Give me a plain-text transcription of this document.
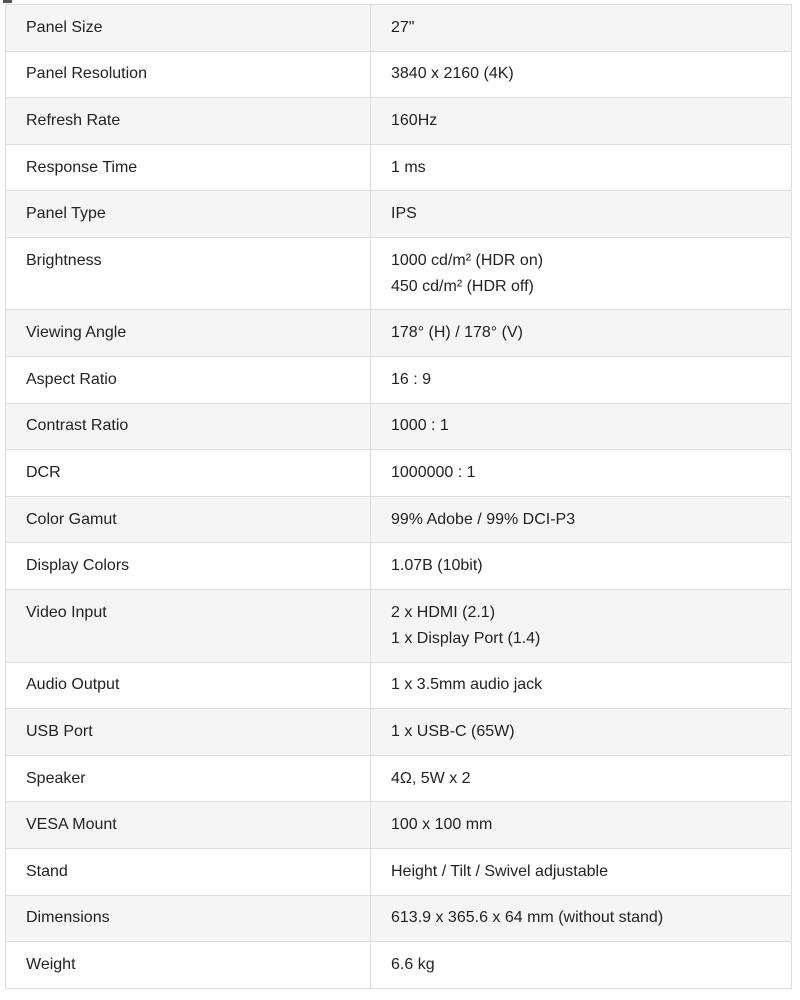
Panel Size	27"

Panel Resolution	3840 x 2160 (4K)

Refresh Rate	160Hz

Response Time	1 ms

Panel Type	IPS

Brightness	1000 cd/m² (HDR on)
450 cd/m² (HDR off)

Viewing Angle	178° (H) / 178° (V)

Aspect Ratio	16 : 9

Contrast Ratio	1000 : 1

DCR	1000000 : 1

Color Gamut	99% Adobe / 99% DCI-P3

Display Colors	1.07B (10bit)

Video Input	2 x HDMI (2.1)
1 x Display Port (1.4)

Audio Output	1 x 3.5mm audio jack

USB Port	1 x USB-C (65W)

Speaker	4Ω, 5W x 2

VESA Mount	100 x 100 mm

Stand	Height / Tilt / Swivel adjustable

Dimensions	613.9 x 365.6 x 64 mm (without stand)

Weight	6.6 kg
